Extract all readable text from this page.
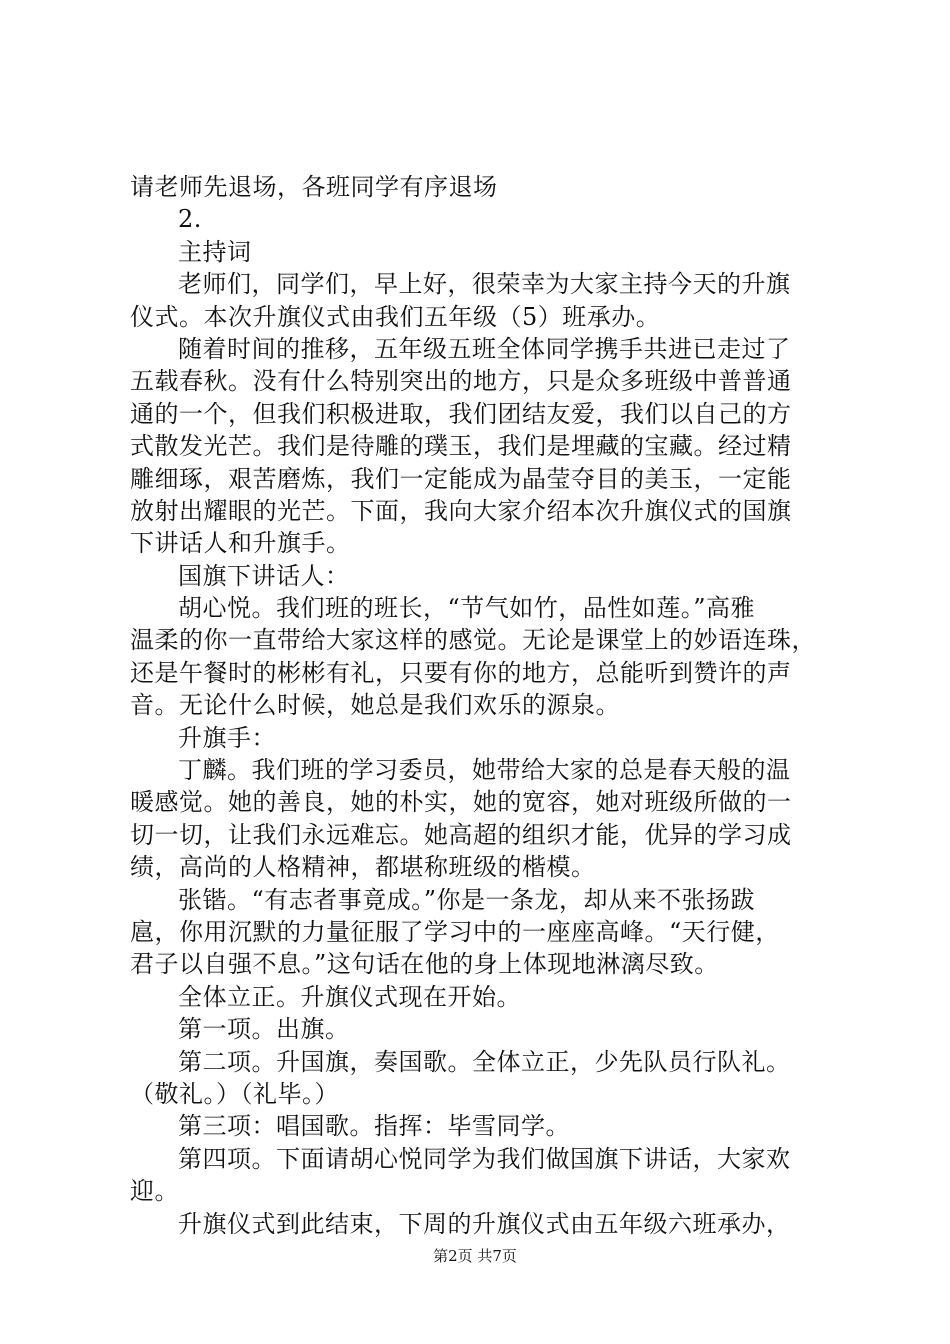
请老师先退场，各班同学有序退场
2.
主持词
老师们，同学们，早上好，很荣幸为大家主持今天的升旗
仪式。本次升旗仪式由我们五年级（5）班承办。
随着时间的推移，五年级五班全体同学携手共进已走过了
五载春秋。没有什么特别突出的地方，只是众多班级中普普通
通的一个，但我们积极进取，我们团结友爱，我们以自己的方
式散发光芒。我们是待雕的璞玉，我们是埋藏的宝藏。经过精
雕细琢，艰苦磨炼，我们一定能成为晶莹夺目的美玉，一定能
放射出耀眼的光芒。下面，我向大家介绍本次升旗仪式的国旗
下讲话人和升旗手。
国旗下讲话人：
胡心悦。我们班的班长，“节气如竹，品性如莲。”高雅
温柔的你一直带给大家这样的感觉。无论是课堂上的妙语连珠，
还是午餐时的彬彬有礼，只要有你的地方，总能听到赞许的声
音。无论什么时候，她总是我们欢乐的源泉。
升旗手：
丁麟。我们班的学习委员，她带给大家的总是春天般的温
暖感觉。她的善良，她的朴实，她的宽容，她对班级所做的一
切一切，让我们永远难忘。她高超的组织才能，优异的学习成
绩，高尚的人格精神，都堪称班级的楷模。
张锴。“有志者事竟成。”你是一条龙，却从来不张扬跋
扈，你用沉默的力量征服了学习中的一座座高峰。“天行健，
君子以自强不息。”这句话在他的身上体现地淋漓尽致。
全体立正。升旗仪式现在开始。
第一项。出旗。
第二项。升国旗，奏国歌。全体立正，少先队员行队礼。
（敬礼。）（礼毕。）
第三项：唱国歌。指挥：毕雪同学。
第四项。下面请胡心悦同学为我们做国旗下讲话，大家欢
迎。
升旗仪式到此结束，下周的升旗仪式由五年级六班承办，
第2页 共7页
